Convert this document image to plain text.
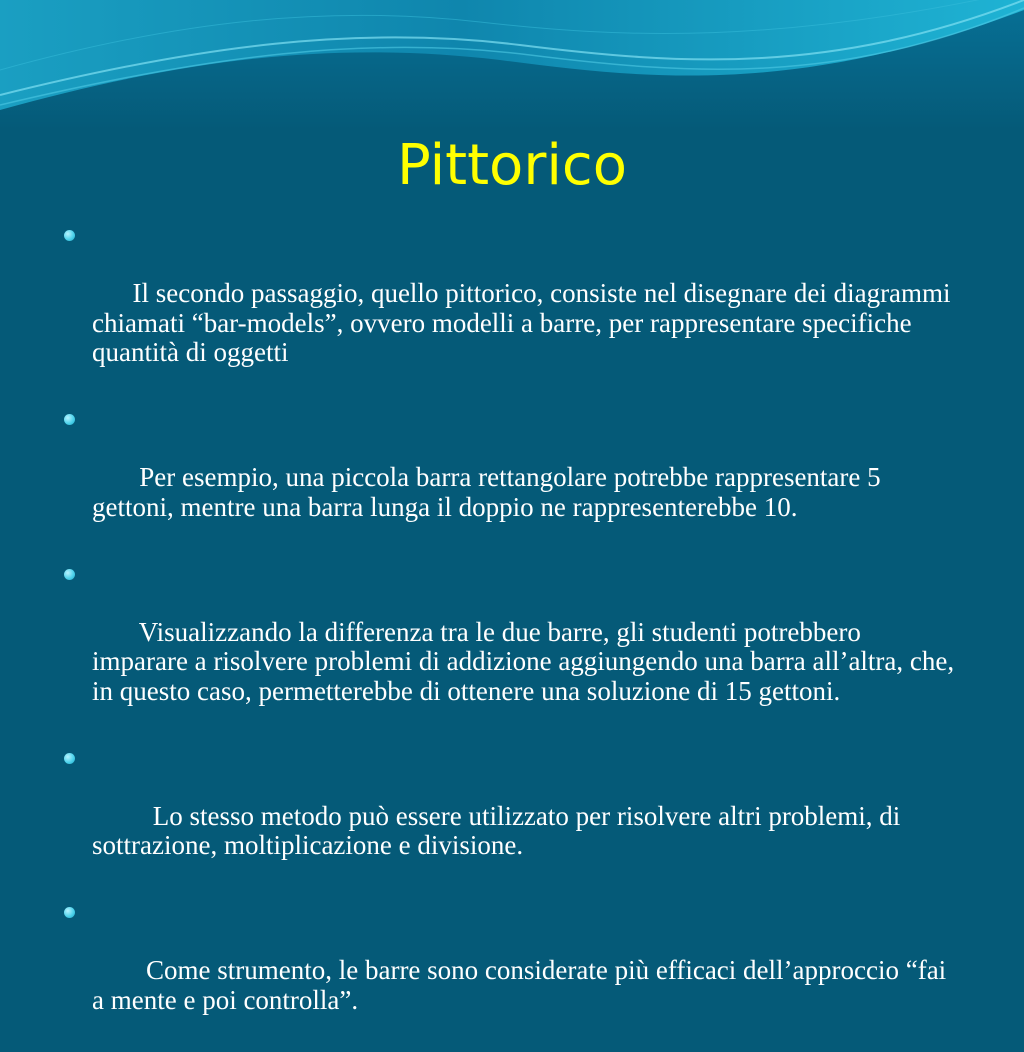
Pittorico

Il secondo passaggio, quello pittorico, consiste nel disegnare dei diagrammi chiamati “bar-models”, ovvero modelli a barre, per rappresentare specifiche quantità di oggetti

Per esempio, una piccola barra rettangolare potrebbe rappresentare 5 gettoni, mentre una barra lunga il doppio ne rappresenterebbe 10.

Visualizzando la differenza tra le due barre, gli studenti potrebbero imparare a risolvere problemi di addizione aggiungendo una barra all’altra, che, in questo caso, permetterebbe di ottenere una soluzione di 15 gettoni.

Lo stesso metodo può essere utilizzato per risolvere altri problemi, di sottrazione, moltiplicazione e divisione.

Come strumento, le barre sono considerate più efficaci dell’approccio “fai a mente e poi controlla”.
